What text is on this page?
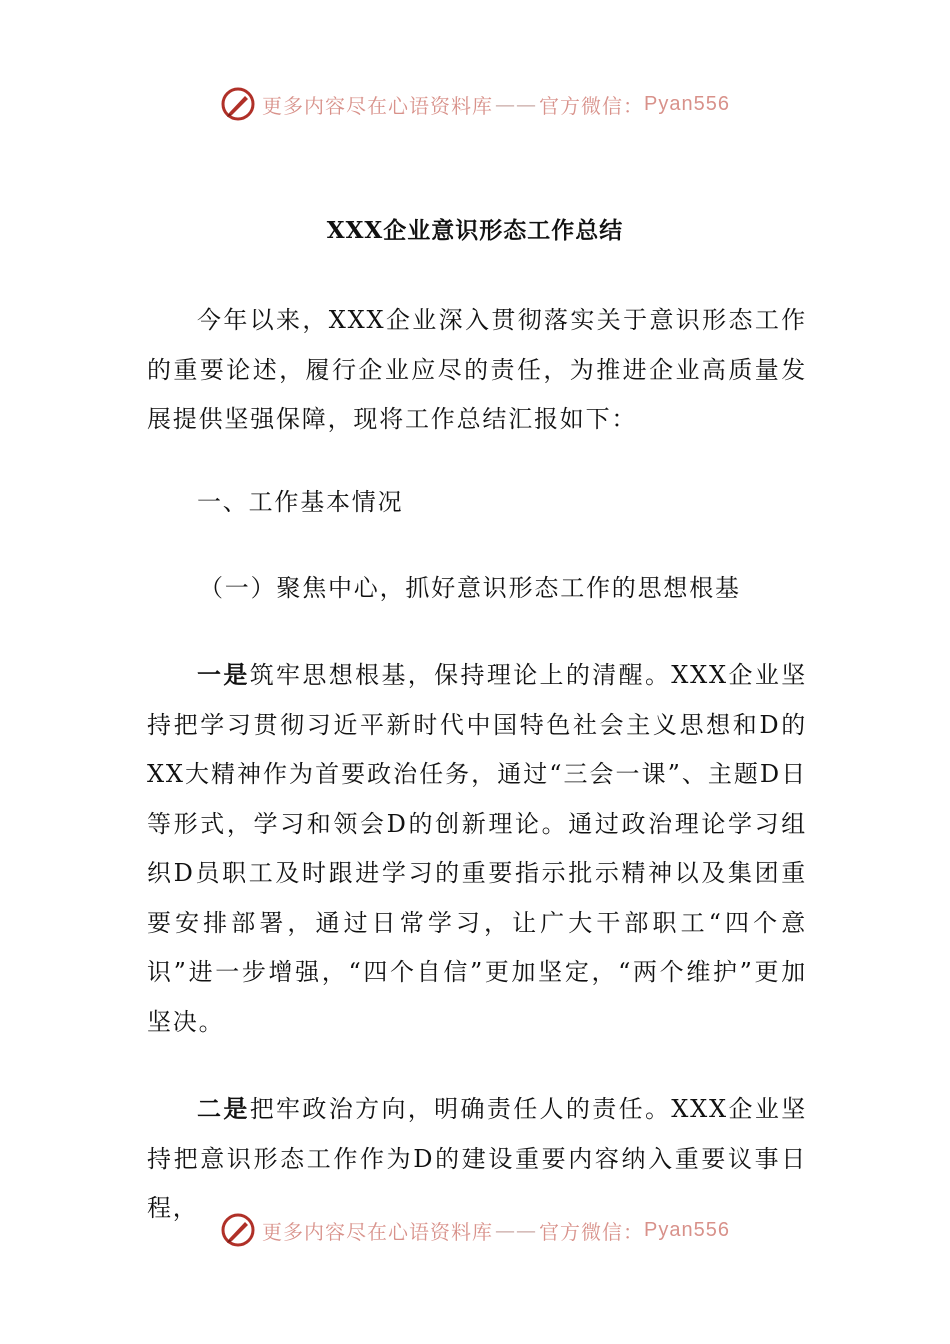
更多内容尽在心语资料库 —— 官方微信： Pyan556
XXX企业意识形态工作总结

今年以来，XXX企业深入贯彻落实关于意识形态工作的重要论述，履行企业应尽的责任，为推进企业高质量发展提供坚强保障，现将工作总结汇报如下：

一、工作基本情况

（一）聚焦中心，抓好意识形态工作的思想根基

一是筑牢思想根基，保持理论上的清醒。XXX企业坚持把学习贯彻习近平新时代中国特色社会主义思想和D的XX大精神作为首要政治任务，通过“三会一课”、主题D日等形式，学习和领会D的创新理论。通过政治理论学习组织D员职工及时跟进学习的重要指示批示精神以及集团重要安排部署，通过日常学习，让广大干部职工“四个意识”进一步增强，“四个自信”更加坚定，“两个维护”更加坚决。

二是把牢政治方向，明确责任人的责任。XXX企业坚持把意识形态工作作为D的建设重要内容纳入重要议事日程，

更多内容尽在心语资料库 —— 官方微信： Pyan556
